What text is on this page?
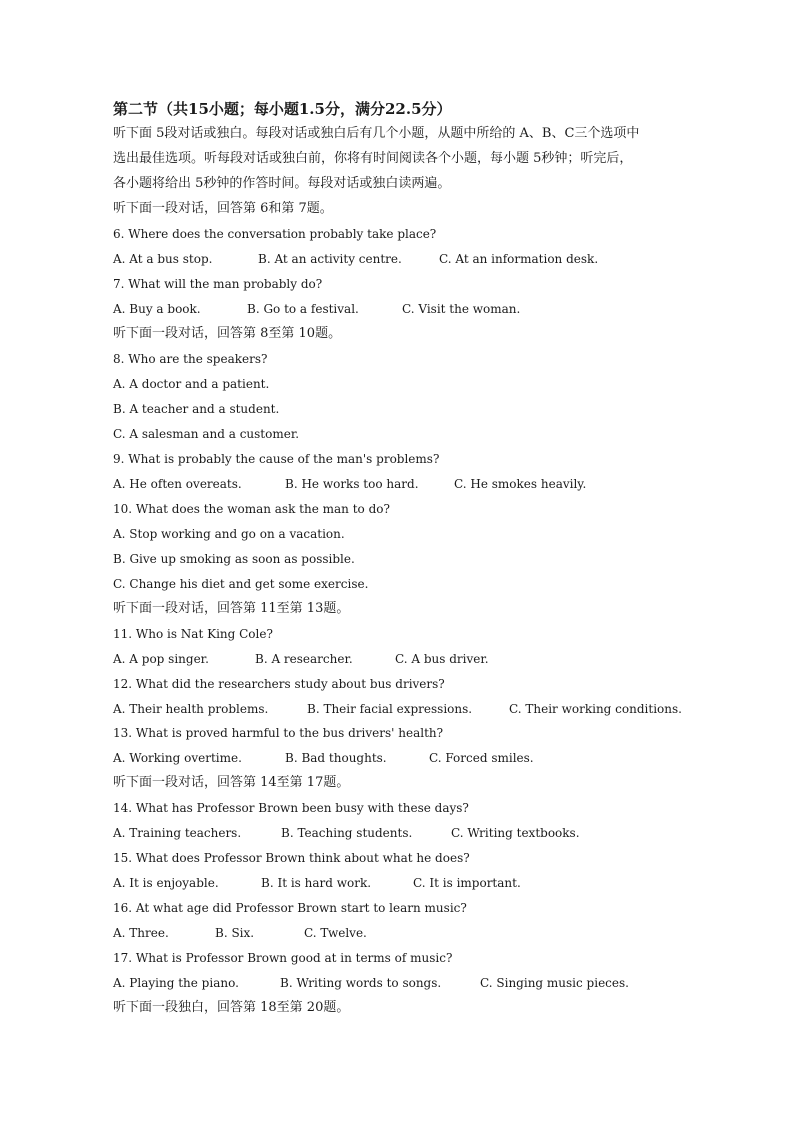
第二节（共15小题；每小题1.5分，满分22.5分）
听下面 5段对话或独白。每段对话或独白后有几个小题，从题中所给的 A、B、C三个选项中
选出最佳选项。听每段对话或独白前，你将有时间阅读各个小题，每小题 5秒钟；听完后，
各小题将给出 5秒钟的作答时间。每段对话或独白读两遍。
听下面一段对话，回答第 6和第 7题。
6. Where does the conversation probably take place?
A. At a bus stop.	B. At an activity centre.	C. At an information desk.
7. What will the man probably do?
A. Buy a book.	B. Go to a festival.	C. Visit the woman.
听下面一段对话，回答第 8至第 10题。
8. Who are the speakers?
A. A doctor and a patient.
B. A teacher and a student.
C. A salesman and a customer.
9. What is probably the cause of the man's problems?
A. He often overeats.	B. He works too hard.	C. He smokes heavily.
10. What does the woman ask the man to do?
A. Stop working and go on a vacation.
B. Give up smoking as soon as possible.
C. Change his diet and get some exercise.
听下面一段对话，回答第 11至第 13题。
11. Who is Nat King Cole?
A. A pop singer.	B. A researcher.	C. A bus driver.
12. What did the researchers study about bus drivers?
A. Their health problems.	B. Their facial expressions.	C. Their working conditions.
13. What is proved harmful to the bus drivers' health?
A. Working overtime.	B. Bad thoughts.	C. Forced smiles.
听下面一段对话，回答第 14至第 17题。
14. What has Professor Brown been busy with these days?
A. Training teachers.	B. Teaching students.	C. Writing textbooks.
15. What does Professor Brown think about what he does?
A. It is enjoyable.	B. It is hard work.	C. It is important.
16. At what age did Professor Brown start to learn music?
A. Three.	B. Six.	C. Twelve.
17. What is Professor Brown good at in terms of music?
A. Playing the piano.	B. Writing words to songs.	C. Singing music pieces.
听下面一段独白，回答第 18至第 20题。
